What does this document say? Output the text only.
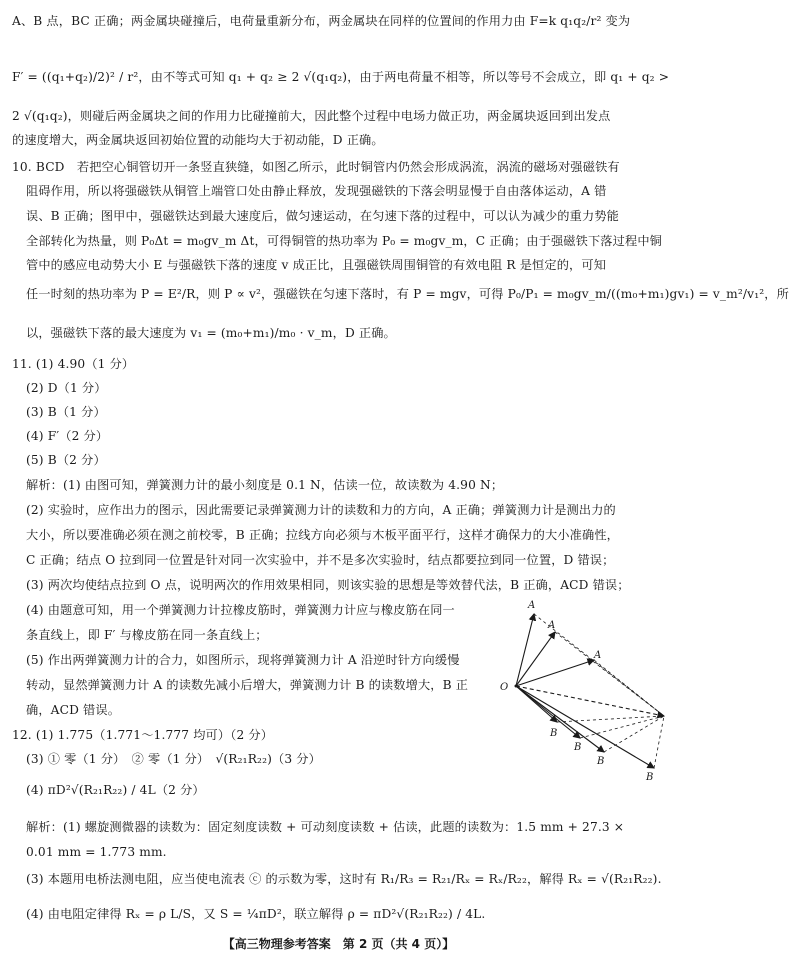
A、B 点，BC 正确；两金属块碰撞后，电荷量重新分布，两金属块在同样的位置间的作用力由 F=k q₁q₂/r² 变为
F′ = ((q₁+q₂)/2)² / r²，由不等式可知 q₁ + q₂ ≥ 2 √(q₁q₂)，由于两电荷量不相等，所以等号不会成立，即 q₁ + q₂ >
2 √(q₁q₂)，则碰后两金属块之间的作用力比碰撞前大，因此整个过程中电场力做正功，两金属块返回到出发点
的速度增大，两金属块返回初始位置的动能均大于初动能，D 正确。
10. BCD　若把空心铜管切开一条竖直狭缝，如图乙所示，此时铜管内仍然会形成涡流，涡流的磁场对强磁铁有
阻碍作用，所以将强磁铁从铜管上端管口处由静止释放，发现强磁铁的下落会明显慢于自由落体运动，A 错
误、B 正确；图甲中，强磁铁达到最大速度后，做匀速运动，在匀速下落的过程中，可以认为减少的重力势能
全部转化为热量，则 P₀Δt = m₀gv_m Δt，可得铜管的热功率为 P₀ = m₀gv_m，C 正确；由于强磁铁下落过程中铜
管中的感应电动势大小 E 与强磁铁下落的速度 v 成正比，且强磁铁周围铜管的有效电阻 R 是恒定的，可知
任一时刻的热功率为 P = E²/R，则 P ∝ v²，强磁铁在匀速下落时，有 P = mgv，可得 P₀/P₁ = m₀gv_m/((m₀+m₁)gv₁) = v_m²/v₁²，所
以，强磁铁下落的最大速度为 v₁ = (m₀+m₁)/m₀ · v_m，D 正确。
11. (1) 4.90（1 分）
(2) D（1 分）
(3) B（1 分）
(4) F′（2 分）
(5) B（2 分）
解析：(1) 由图可知，弹簧测力计的最小刻度是 0.1 N，估读一位，故读数为 4.90 N；
(2) 实验时，应作出力的图示，因此需要记录弹簧测力计的读数和力的方向，A 正确；弹簧测力计是测出力的
大小，所以要准确必须在测之前校零，B 正确；拉线方向必须与木板平面平行，这样才确保力的大小准确性，
C 正确；结点 O 拉到同一位置是针对同一次实验中，并不是多次实验时，结点都要拉到同一位置，D 错误；
(3) 两次均使结点拉到 O 点，说明两次的作用效果相同，则该实验的思想是等效替代法，B 正确，ACD 错误；
(4) 由题意可知，用一个弹簧测力计拉橡皮筋时，弹簧测力计应与橡皮筋在同一
条直线上，即 F′ 与橡皮筋在同一条直线上；
(5) 作出两弹簧测力计的合力，如图所示，现将弹簧测力计 A 沿逆时针方向缓慢
转动，显然弹簧测力计 A 的读数先减小后增大，弹簧测力计 B 的读数增大，B 正
确，ACD 错误。
12. (1) 1.775（1.771～1.777 均可）（2 分）
(3) ① 零（1 分）　② 零（1 分）　√(R₂₁R₂₂)（3 分）
(4) πD²√(R₂₁R₂₂) / 4L（2 分）
解析：(1) 螺旋测微器的读数为：固定刻度读数 + 可动刻度读数 + 估读，此题的读数为：1.5 mm + 27.3 ×
0.01 mm = 1.773 mm.
(3) 本题用电桥法测电阻，应当使电流表 ⓒ 的示数为零，这时有 R₁/R₃ = R₂₁/Rₓ = Rₓ/R₂₂，解得 Rₓ = √(R₂₁R₂₂).
(4) 由电阻定律得 Rₓ = ρ L/S，又 S = ¼πD²，联立解得 ρ = πD²√(R₂₁R₂₂) / 4L.
O
A
A
A
B
B
B
B
【高三物理参考答案　第 2 页（共 4 页）】
